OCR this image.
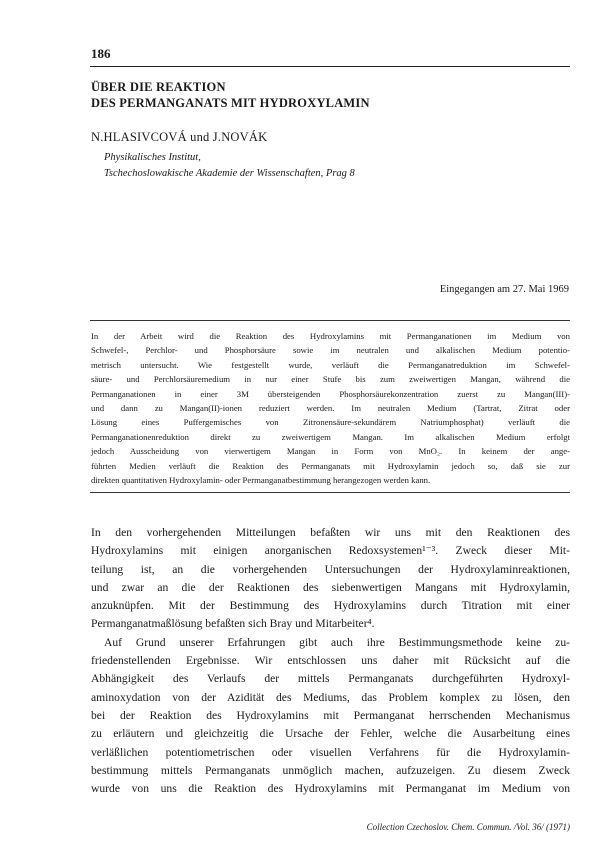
186
ÜBER DIE REAKTION
DES PERMANGANATS MIT HYDROXYLAMIN
N.HLASIVCOVÁ und J.NOVÁK
Physikalisches Institut,
Tschechoslowakische Akademie der Wissenschaften, Prag 8
Eingegangen am 27. Mai 1969
In der Arbeit wird die Reaktion des Hydroxylamins mit Permanganationen im Medium von
Schwefel-, Perchlor- und Phosphorsäure sowie im neutralen und alkalischen Medium potentio-
metrisch untersucht. Wie festgestellt wurde, verläuft die Permanganatreduktion im Schwefel-
säure- und Perchlorsäuremedium in nur einer Stufe bis zum zweiwertigen Mangan, während die
Permanganationen in einer 3M übersteigenden Phosphorsäurekonzentration zuerst zu Mangan(III)-
und dann zu Mangan(II)-ionen reduziert werden. Im neutralen Medium (Tartrat, Zitrat oder
Lösung eines Puffergemisches von Zitronensäure-sekundärem Natriumphosphat) verläuft die
Permanganationenreduktion direkt zu zweiwertigem Mangan. Im alkalischen Medium erfolgt
jedoch Ausscheidung von vierwertigem Mangan in Form von MnO₂. In keinem der ange-
führten Medien verläuft die Reaktion des Permanganats mit Hydroxylamin jedoch so, daß sie zur
direkten quantitativen Hydroxylamin- oder Permanganatbestimmung herangezogen werden kann.
In den vorhergehenden Mitteilungen befaßten wir uns mit den Reaktionen des
Hydroxylamins mit einigen anorganischen Redoxsystemen¹⁻³. Zweck dieser Mit-
teilung ist, an die vorhergehenden Untersuchungen der Hydroxylaminreaktionen,
und zwar an die der Reaktionen des siebenwertigen Mangans mit Hydroxylamin,
anzuknüpfen. Mit der Bestimmung des Hydroxylamins durch Titration mit einer
Permanganatmaßlösung befaßten sich Bray und Mitarbeiter⁴.
Auf Grund unserer Erfahrungen gibt auch ihre Bestimmungsmethode keine zu-
friedenstellenden Ergebnisse. Wir entschlossen uns daher mit Rücksicht auf die
Abhängigkeit des Verlaufs der mittels Permanganats durchgeführten Hydroxyl-
aminoxydation von der Azidität des Mediums, das Problem komplex zu lösen, den
bei der Reaktion des Hydroxylamins mit Permanganat herrschenden Mechanismus
zu erläutern und gleichzeitig die Ursache der Fehler, welche die Ausarbeitung eines
verläßlichen potentiometrischen oder visuellen Verfahrens für die Hydroxylamin-
bestimmung mittels Permanganats unmöglich machen, aufzuzeigen. Zu diesem Zweck
wurde von uns die Reaktion des Hydroxylamins mit Permanganat im Medium von
Collection Czechoslov. Chem. Commun. /Vol. 36/ (1971)
